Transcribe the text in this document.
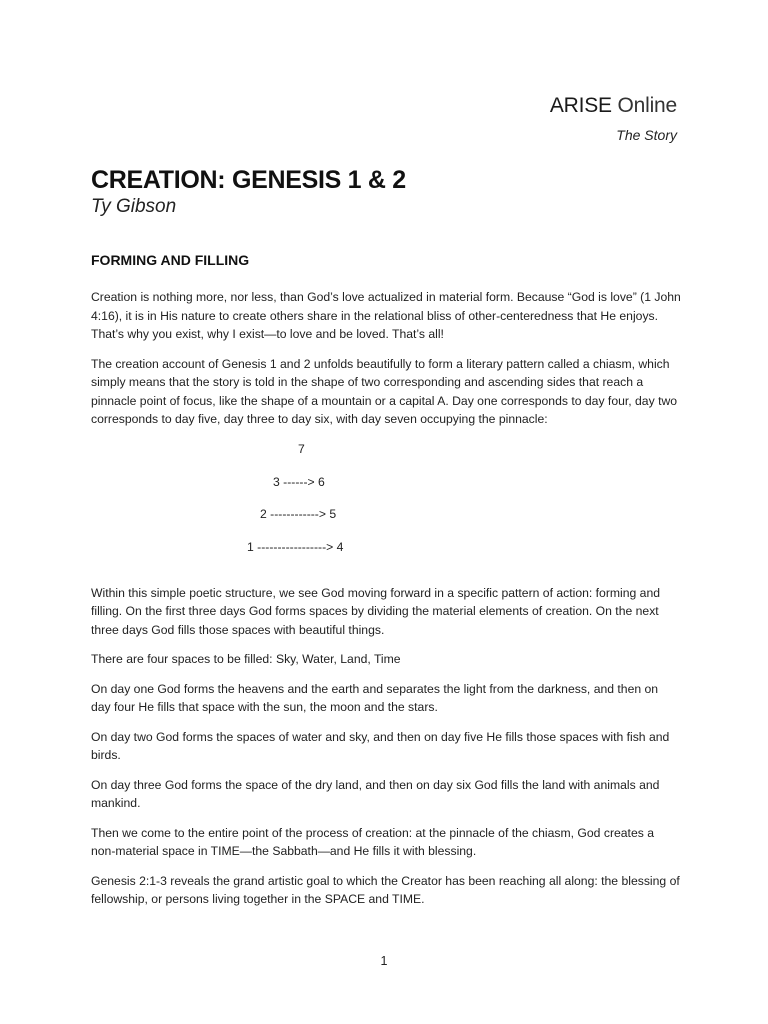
ARISE Online
The Story
CREATION: GENESIS 1 & 2
Ty Gibson
FORMING AND FILLING

Creation is nothing more, nor less, than God’s love actualized in material form. Because “God is love” (1 John 4:16), it is in His nature to create others share in the relational bliss of other-centeredness that He enjoys. That’s why you exist, why I exist—to love and be loved. That’s all!

The creation account of Genesis 1 and 2 unfolds beautifully to form a literary pattern called a chiasm, which simply means that the story is told in the shape of two corresponding and ascending sides that reach a pinnacle point of focus, like the shape of a mountain or a capital A. Day one corresponds to day four, day two corresponds to day five, day three to day six, with day seven occupying the pinnacle:

7
3 ------> 6
2 ------------> 5
1 -----------------> 4

Within this simple poetic structure, we see God moving forward in a specific pattern of action: forming and filling. On the first three days God forms spaces by dividing the material elements of creation. On the next three days God fills those spaces with beautiful things.

There are four spaces to be filled: Sky, Water, Land, Time

On day one God forms the heavens and the earth and separates the light from the darkness, and then on day four He fills that space with the sun, the moon and the stars.

On day two God forms the spaces of water and sky, and then on day five He fills those spaces with fish and birds.

On day three God forms the space of the dry land, and then on day six God fills the land with animals and mankind.

Then we come to the entire point of the process of creation: at the pinnacle of the chiasm, God creates a non-material space in TIME—the Sabbath—and He fills it with blessing.

Genesis 2:1-3 reveals the grand artistic goal to which the Creator has been reaching all along: the blessing of fellowship, or persons living together in the SPACE and TIME.

1
